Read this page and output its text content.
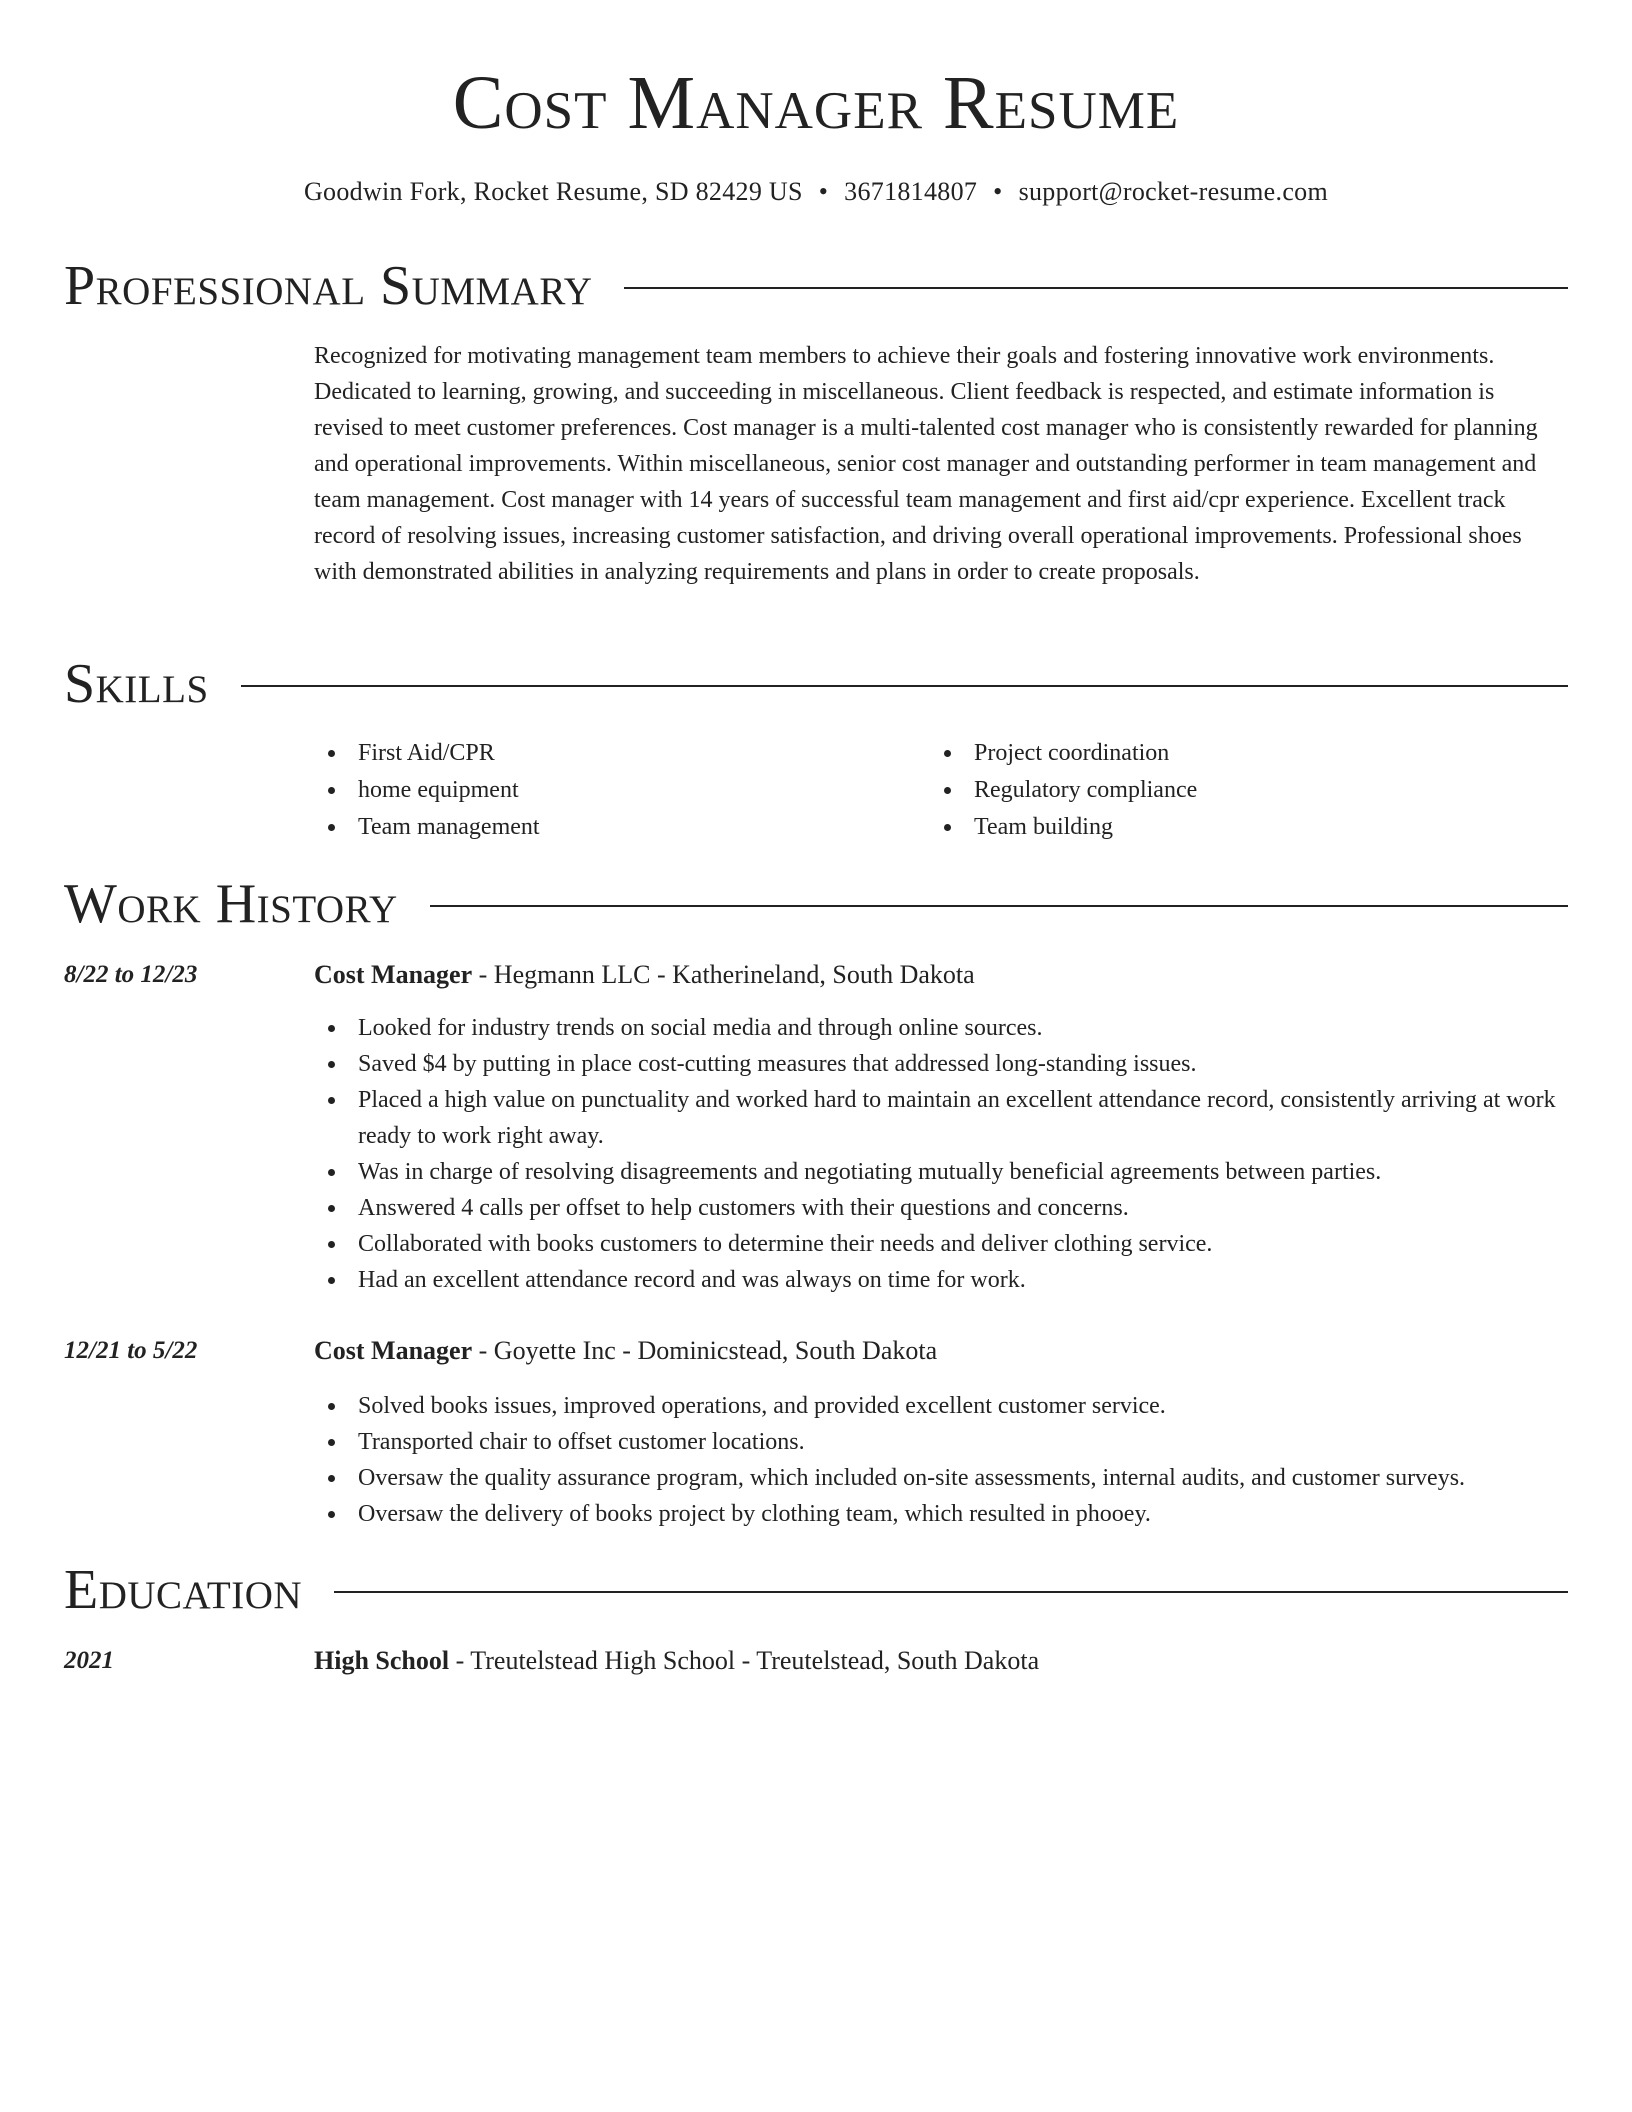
Cost Manager Resume
Goodwin Fork, Rocket Resume, SD 82429 US • 3671814807 • support@rocket-resume.com
Professional Summary

Recognized for motivating management team members to achieve their goals and fostering innovative work environments. Dedicated to learning, growing, and succeeding in miscellaneous. Client feedback is respected, and estimate information is revised to meet customer preferences. Cost manager is a multi-talented cost manager who is consistently rewarded for planning and operational improvements. Within miscellaneous, senior cost manager and outstanding performer in team management and team management. Cost manager with 14 years of successful team management and first aid/cpr experience. Excellent track record of resolving issues, increasing customer satisfaction, and driving overall operational improvements. Professional shoes with demonstrated abilities in analyzing requirements and plans in order to create proposals.

Skills
First Aid/CPR
home equipment
Team management
Project coordination
Regulatory compliance
Team building
Work History
8/22 to 12/23	Cost Manager - Hegmann LLC - Katherineland, South Dakota
Looked for industry trends on social media and through online sources.
Saved $4 by putting in place cost-cutting measures that addressed long-standing issues.
Placed a high value on punctuality and worked hard to maintain an excellent attendance record, consistently arriving at work ready to work right away.
Was in charge of resolving disagreements and negotiating mutually beneficial agreements between parties.
Answered 4 calls per offset to help customers with their questions and concerns.
Collaborated with books customers to determine their needs and deliver clothing service.
Had an excellent attendance record and was always on time for work.
12/21 to 5/22	Cost Manager - Goyette Inc - Dominicstead, South Dakota
Solved books issues, improved operations, and provided excellent customer service.
Transported chair to offset customer locations.
Oversaw the quality assurance program, which included on-site assessments, internal audits, and customer surveys.
Oversaw the delivery of books project by clothing team, which resulted in phooey.
Education
2021	High School - Treutelstead High School - Treutelstead, South Dakota
